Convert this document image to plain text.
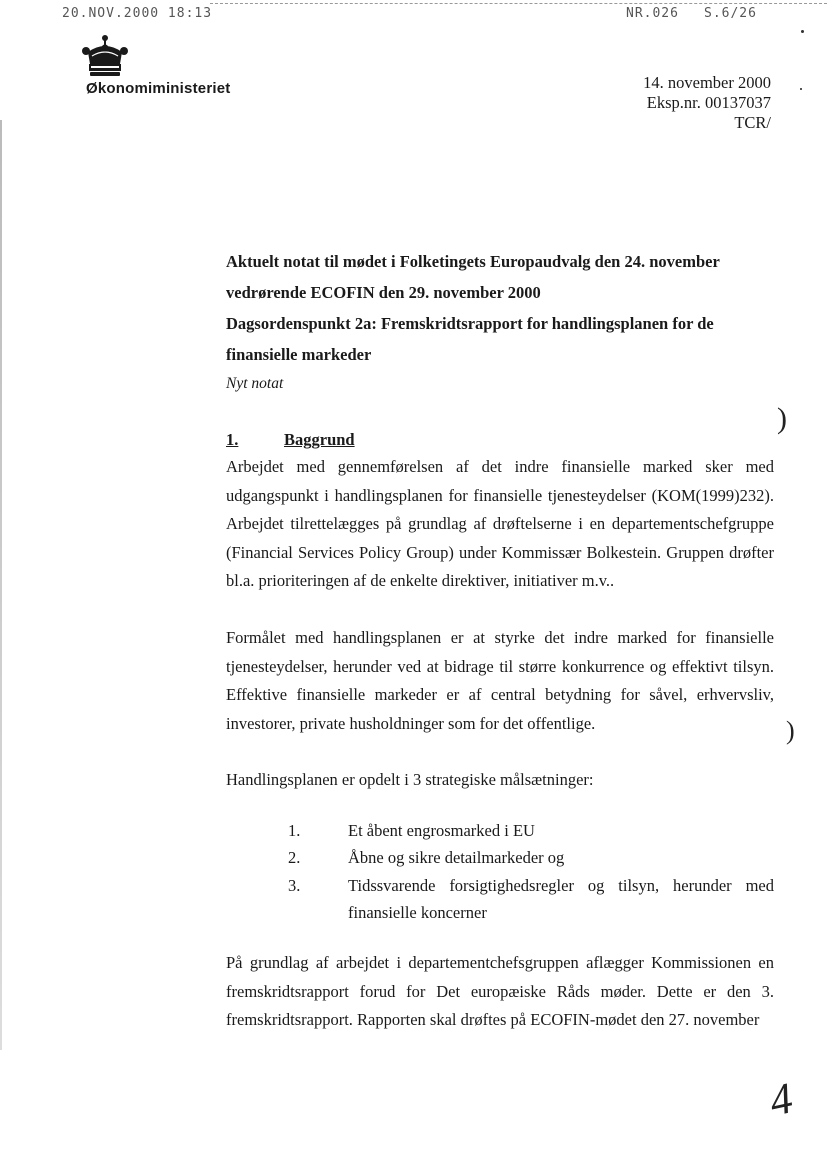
20.NOV.2000 18:13	NR.026 S.6/26
Økonomiministeriet	14. november 2000
Eksp.nr. 00137037
TCR/
Aktuelt notat til mødet i Folketingets Europaudvalg den 24. november
vedrørende ECOFIN den 29. november 2000
Dagsordenspunkt 2a: Fremskridtsrapport for handlingsplanen for de
finansielle markeder
Nyt notat
1.	Baggrund

Arbejdet med gennemførelsen af det indre finansielle marked sker med udgangspunkt i handlingsplanen for finansielle tjenesteydelser (KOM(1999)232). Arbejdet tilrettelægges på grundlag af drøftelserne i en departementschefgruppe (Financial Services Policy Group) under Kommissær Bolkestein. Gruppen drøfter bl.a. prioriteringen af de enkelte direktiver, initiativer m.v..

Formålet med handlingsplanen er at styrke det indre marked for finansielle tjenesteydelser, herunder ved at bidrage til større konkurrence og effektivt tilsyn. Effektive finansielle markeder er af central betydning for såvel, erhvervsliv, investorer, private husholdninger som for det offentlige.

Handlingsplanen er opdelt i 3 strategiske målsætninger:

1.	Et åbent engrosmarked i EU
2.	Åbne og sikre detailmarkeder og
3.	Tidssvarende forsigtighedsregler og tilsyn, herunder med finansielle koncerner

På grundlag af arbejdet i departementchefsgruppen aflægger Kommissionen en fremskridtsrapport forud for Det europæiske Råds møder. Dette er den 3. fremskridtsrapport. Rapporten skal drøftes på ECOFIN-mødet den 27. november

(
)
4
